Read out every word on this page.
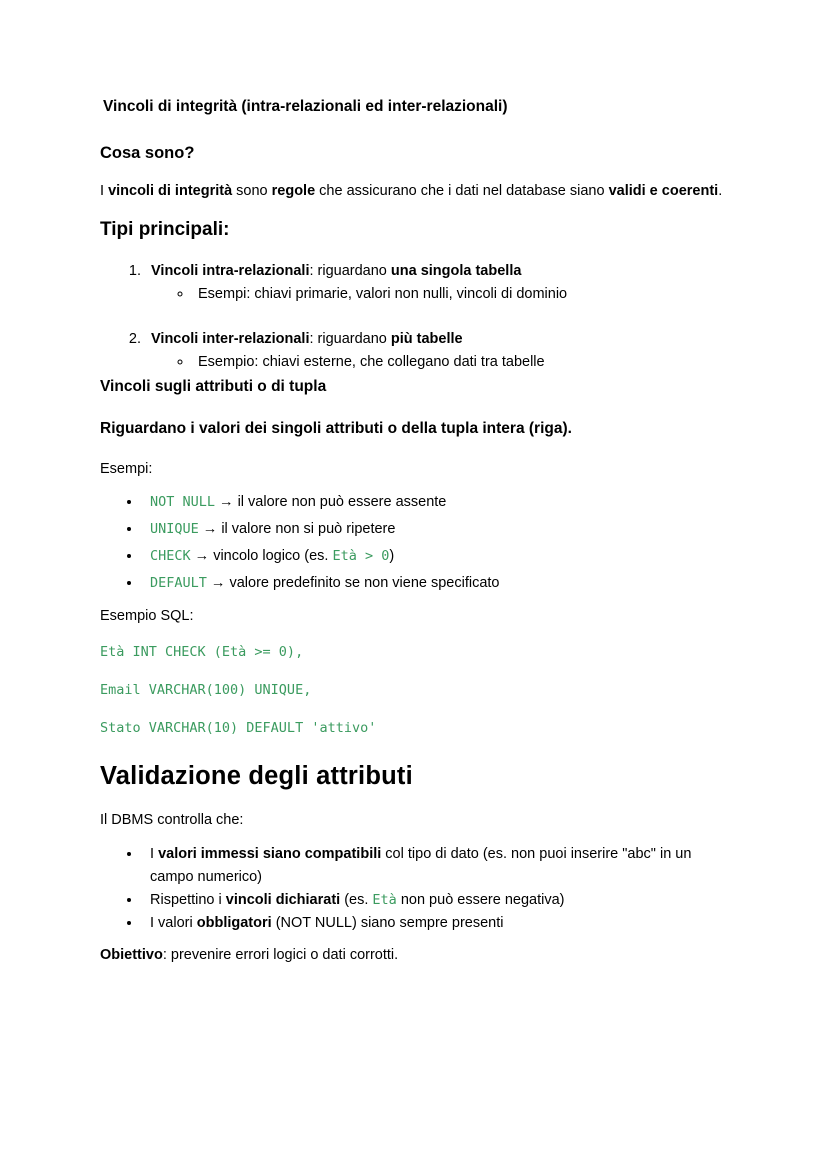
Vincoli di integrità (intra-relazionali ed inter-relazionali)

Cosa sono?

I vincoli di integrità sono regole che assicurano che i dati nel database siano validi e coerenti.

Tipi principali:

1. Vincoli intra-relazionali: riguardano una singola tabella
◦ Esempi: chiavi primarie, valori non nulli, vincoli di dominio
2. Vincoli inter-relazionali: riguardano più tabelle
◦ Esempio: chiavi esterne, che collegano dati tra tabelle

Vincoli sugli attributi o di tupla

Riguardano i valori dei singoli attributi o della tupla intera (riga).

Esempi:

• NOT NULL → il valore non può essere assente
• UNIQUE → il valore non si può ripetere
• CHECK → vincolo logico (es. Età > 0)
• DEFAULT → valore predefinito se non viene specificato

Esempio SQL:

Età INT CHECK (Età >= 0),

Email VARCHAR(100) UNIQUE,

Stato VARCHAR(10) DEFAULT 'attivo'

Validazione degli attributi

Il DBMS controlla che:

• I valori immessi siano compatibili col tipo di dato (es. non puoi inserire "abc" in un campo numerico)
• Rispettino i vincoli dichiarati (es. Età non può essere negativa)
• I valori obbligatori (NOT NULL) siano sempre presenti

Obiettivo: prevenire errori logici o dati corrotti.
